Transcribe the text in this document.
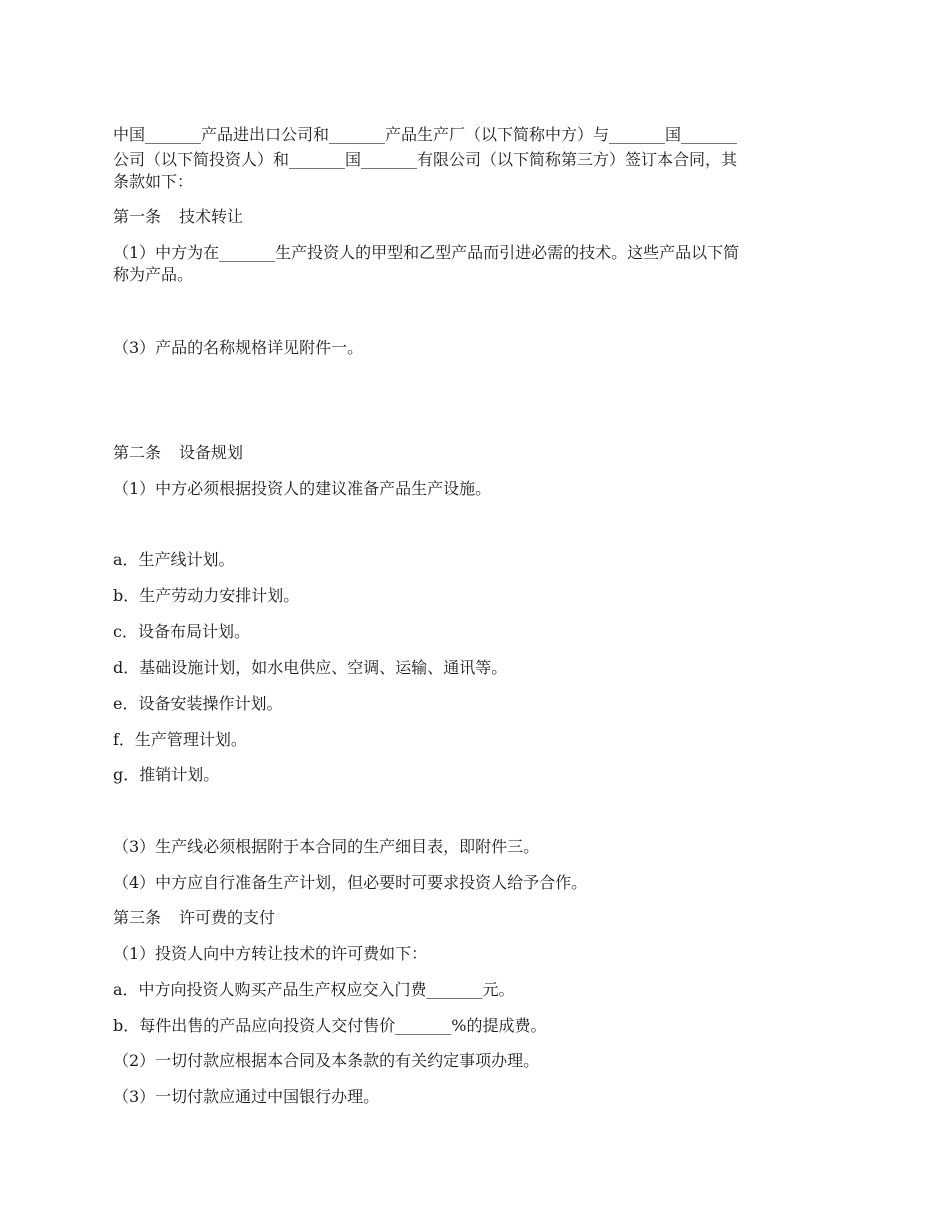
中国_______产品进出口公司和_______产品生产厂（以下简称中方）与_______国_______

公司（以下简投资人）和_______国_______有限公司（以下简称第三方）签订本合同，其

条款如下：

第一条 技术转让

（1）中方为在_______生产投资人的甲型和乙型产品而引进必需的技术。这些产品以下简

称为产品。

（3）产品的名称规格详见附件一。

第二条 设备规划

（1）中方必须根据投资人的建议准备产品生产设施。

a．生产线计划。

b．生产劳动力安排计划。

c．设备布局计划。

d．基础设施计划，如水电供应、空调、运输、通讯等。

e．设备安装操作计划。

f．生产管理计划。

g．推销计划。

（3）生产线必须根据附于本合同的生产细目表，即附件三。

（4）中方应自行准备生产计划，但必要时可要求投资人给予合作。

第三条 许可费的支付

（1）投资人向中方转让技术的许可费如下：

a．中方向投资人购买产品生产权应交入门费_______元。

b．每件出售的产品应向投资人交付售价_______%的提成费。

（2）一切付款应根据本合同及本条款的有关约定事项办理。

（3）一切付款应通过中国银行办理。
